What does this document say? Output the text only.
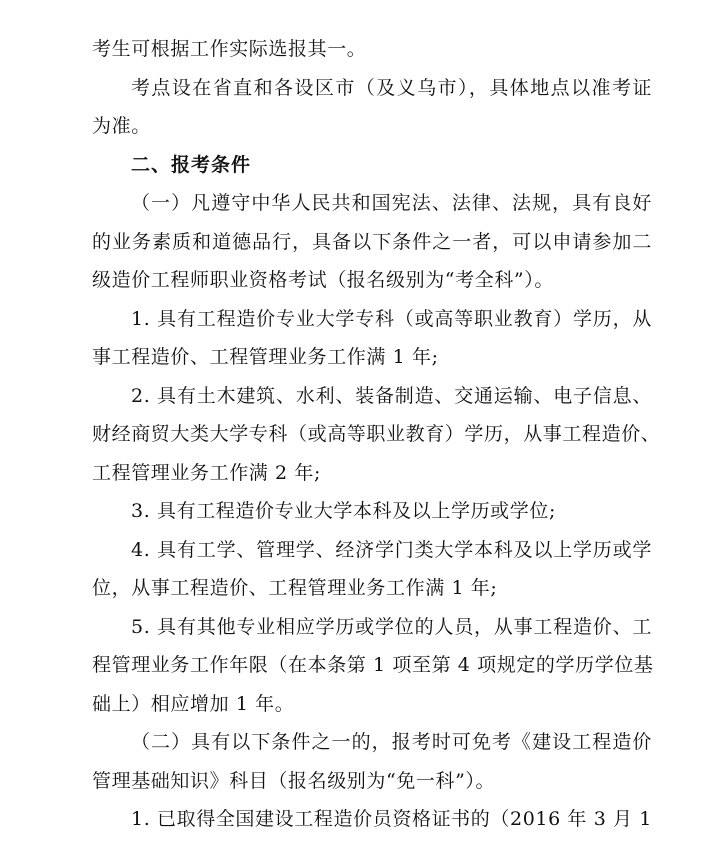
考生可根据工作实际选报其一。
考点设在省直和各设区市（及义乌市），具体地点以准考证
为准。
二、报考条件
（一）凡遵守中华人民共和国宪法、法律、法规，具有良好
的业务素质和道德品行，具备以下条件之一者，可以申请参加二
级造价工程师职业资格考试（报名级别为“考全科”）。
1. 具有工程造价专业大学专科（或高等职业教育）学历，从
事工程造价、工程管理业务工作满 1 年;
2. 具有土木建筑、水利、装备制造、交通运输、电子信息、
财经商贸大类大学专科（或高等职业教育）学历，从事工程造价、
工程管理业务工作满 2 年;
3. 具有工程造价专业大学本科及以上学历或学位;
4. 具有工学、管理学、经济学门类大学本科及以上学历或学
位，从事工程造价、工程管理业务工作满 1 年;
5. 具有其他专业相应学历或学位的人员，从事工程造价、工
程管理业务工作年限（在本条第 1 项至第 4 项规定的学历学位基
础上）相应增加 1 年。
（二）具有以下条件之一的，报考时可免考《建设工程造价
管理基础知识》科目（报名级别为“免一科”）。
1. 已取得全国建设工程造价员资格证书的（2016 年 3 月 1
